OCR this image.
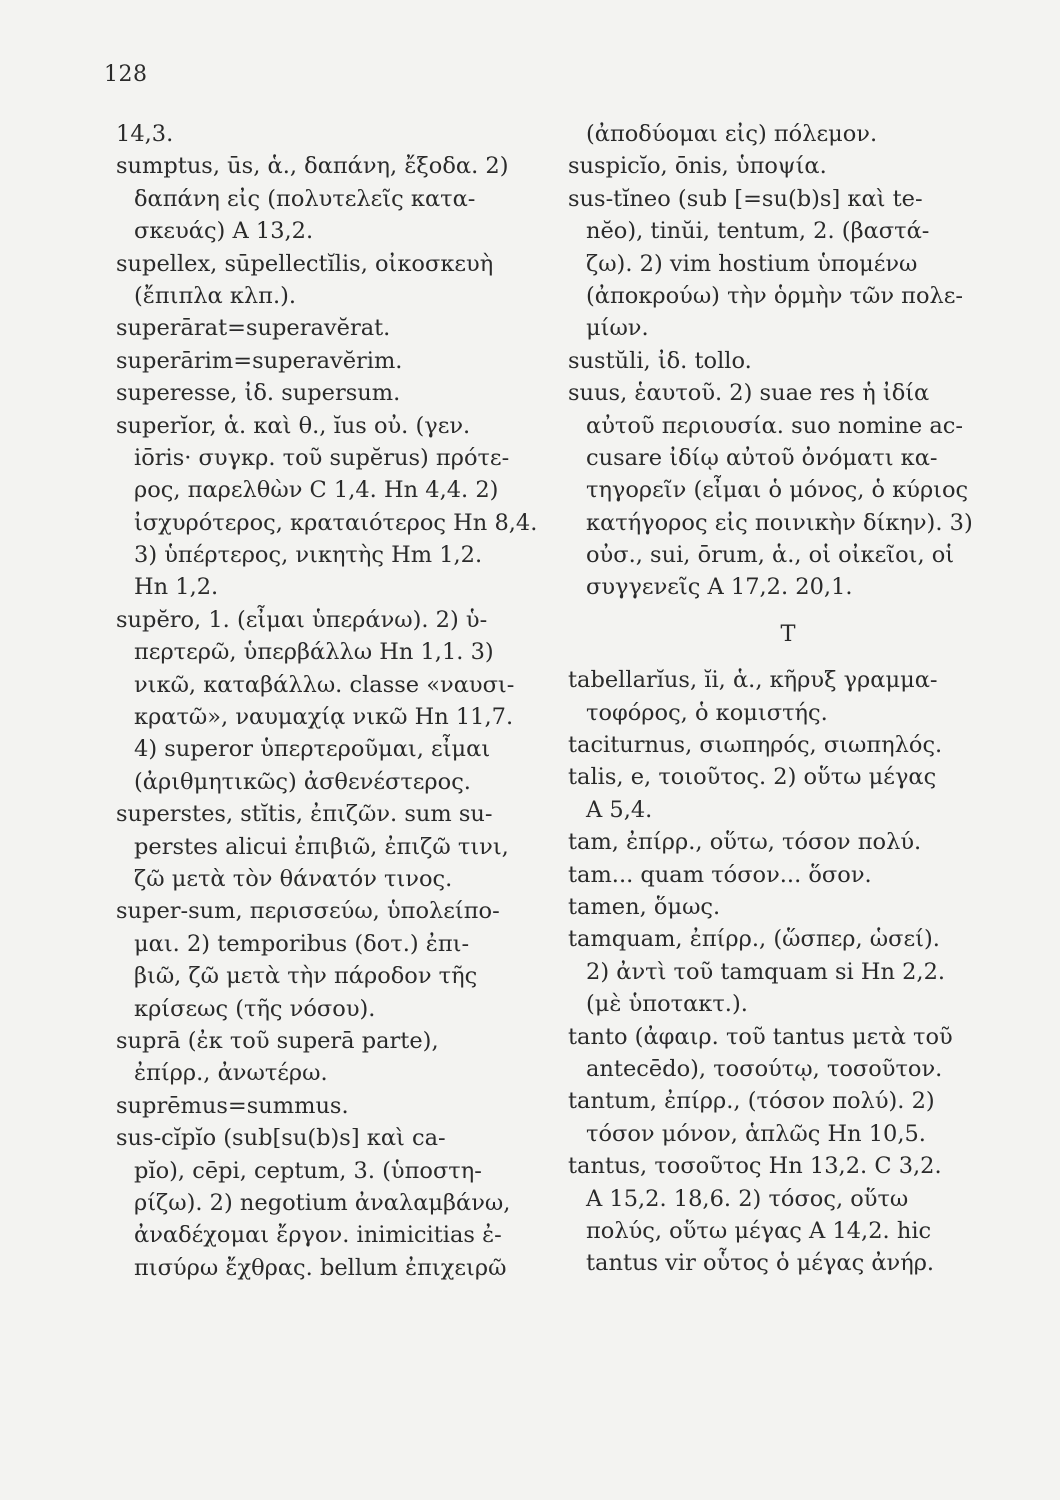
128
14,3.
sumptus, ūs, ἁ., δαπάνη, ἔξοδα. 2)
δαπάνη εἰς (πολυτελεῖς κατα-
σκευάς) A 13,2.
supellex, sūpellectĭlis, οἰκοσκευὴ
(ἔπιπλα κλπ.).
superārat=superavĕrat.
superārim=superavĕrim.
superesse, ἰδ. supersum.
superĭor, ἁ. καὶ θ., ĭus οὐ. (γεν.
iōris· συγκρ. τοῦ supĕrus) πρότε-
ρος, παρελθὼν C 1,4. Hn 4,4. 2)
ἰσχυρότερος, κραταιότερος Hn 8,4.
3) ὑπέρτερος, νικητὴς Hm 1,2.
Hn 1,2.
supĕro, 1. (εἶμαι ὑπεράνω). 2) ὑ-
περτερῶ, ὑπερβάλλω Hn 1,1. 3)
νικῶ, καταβάλλω. classe «ναυσι-
κρατῶ», ναυμαχίᾳ νικῶ Hn 11,7.
4) superor ὑπερτεροῦμαι, εἶμαι
(ἀριθμητικῶς) ἀσθενέστερος.
superstes, stĭtis, ἐπιζῶν. sum su-
perstes alicui ἐπιβιῶ, ἐπιζῶ τινι,
ζῶ μετὰ τὸν θάνατόν τινος.
super-sum, περισσεύω, ὑπολείπο-
μαι. 2) temporibus (δοτ.) ἐπι-
βιῶ, ζῶ μετὰ τὴν πάροδον τῆς
κρίσεως (τῆς νόσου).
suprā (ἐκ τοῦ superā parte),
ἐπίρρ., ἀνωτέρω.
suprēmus=summus.
sus-cĭpĭo (sub[su(b)s] καὶ ca-
pĭo), cēpi, ceptum, 3. (ὑποστη-
ρίζω). 2) negotium ἀναλαμβάνω,
ἀναδέχομαι ἔργον. inimicitias ἐ-
πισύρω ἔχθρας. bellum ἐπιχειρῶ
(ἀποδύομαι εἰς) πόλεμον.
suspicĭo, ōnis, ὑποψία.
sus-tĭneo (sub [=su(b)s] καὶ te-
nĕo), tinŭi, tentum, 2. (βαστά-
ζω). 2) vim hostium ὑπομένω
(ἀποκρούω) τὴν ὁρμὴν τῶν πολε-
μίων.
sustŭli, ἰδ. tollo.
suus, ἑαυτοῦ. 2) suae res ἡ ἰδία
αὐτοῦ περιουσία. suo nomine ac-
cusare ἰδίῳ αὐτοῦ ὀνόματι κα-
τηγορεῖν (εἶμαι ὁ μόνος, ὁ κύριος
κατήγορος εἰς ποινικὴν δίκην). 3)
οὐσ., sui, ōrum, ἁ., οἱ οἰκεῖοι, οἱ
συγγενεῖς A 17,2. 20,1.
T
tabellarĭus, ĭi, ἁ., κῆρυξ γραμμα-
τοφόρος, ὁ κομιστής.
taciturnus, σιωπηρός, σιωπηλός.
talis, e, τοιοῦτος. 2) οὕτω μέγας
A 5,4.
tam, ἐπίρρ., οὕτω, τόσον πολύ.
tam... quam τόσον... ὅσον.
tamen, ὅμως.
tamquam, ἐπίρρ., (ὥσπερ, ὡσεί).
2) ἀντὶ τοῦ tamquam si Hn 2,2.
(μὲ ὑποτακτ.).
tanto (ἀφαιρ. τοῦ tantus μετὰ τοῦ
antecēdo), τοσούτῳ, τοσοῦτον.
tantum, ἐπίρρ., (τόσον πολύ). 2)
τόσον μόνον, ἁπλῶς Hn 10,5.
tantus, τοσοῦτος Hn 13,2. C 3,2.
A 15,2. 18,6. 2) τόσος, οὕτω
πολύς, οὕτω μέγας A 14,2. hic
tantus vir οὗτος ὁ μέγας ἀνήρ.
